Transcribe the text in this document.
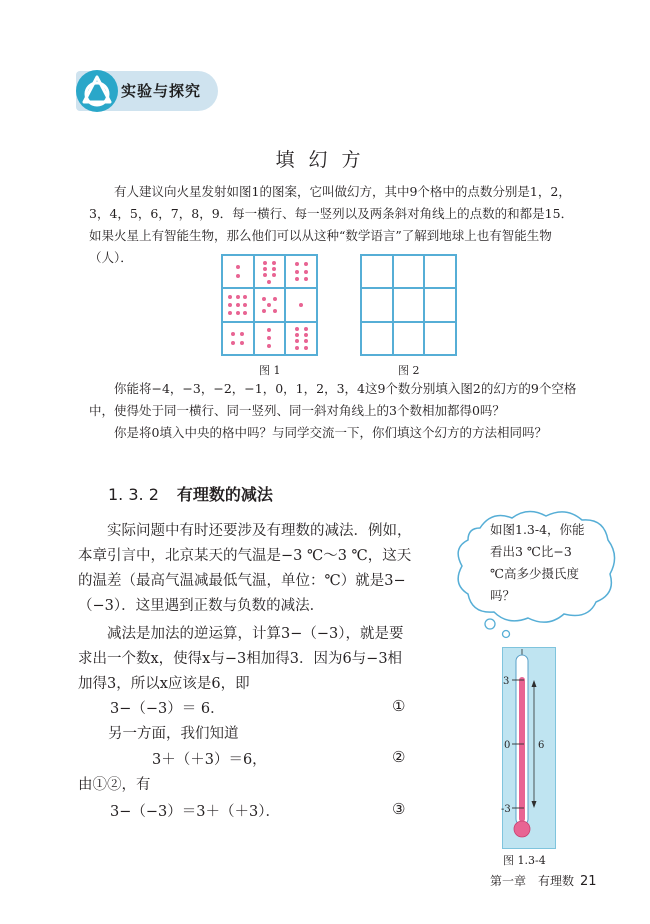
实验与探究
填幻方
有人建议向火星发射如图1的图案，它叫做幻方，其中9个格中的点数分别是1，2，3，4，5，6，7，8，9．每一横行、每一竖列以及两条斜对角线上的点数的和都是15．如果火星上有智能生物，那么他们可以从这种“数学语言”了解到地球上也有智能生物（人）．
图 1	图 2
你能将−4，−3，−2，−1，0，1，2，3，4这9个数分别填入图2的幻方的9个空格中，使得处于同一横行、同一竖列、同一斜对角线上的3个数相加都得0吗？
你是将0填入中央的格中吗？与同学交流一下，你们填这个幻方的方法相同吗？
1. 3. 2 有理数的减法
实际问题中有时还要涉及有理数的减法．例如，本章引言中，北京某天的气温是−3 ℃～3 ℃，这天的温差（最高气温减最低气温，单位：℃）就是3−（−3）．这里遇到正数与负数的减法．
减法是加法的逆运算，计算3−（−3），就是要求出一个数x，使得x与−3相加得3．因为6与−3相加得3，所以x应该是6，即
3−（−3）＝ 6．	①
另一方面，我们知道
3＋（＋3）＝6，	②
由①②，有
3−（−3）＝3＋（＋3）．	③
如图1.3-4，你能看出3 ℃比−3 ℃高多少摄氏度吗？
3
0
-3
6
图 1.3-4
第一章　有理数 21
